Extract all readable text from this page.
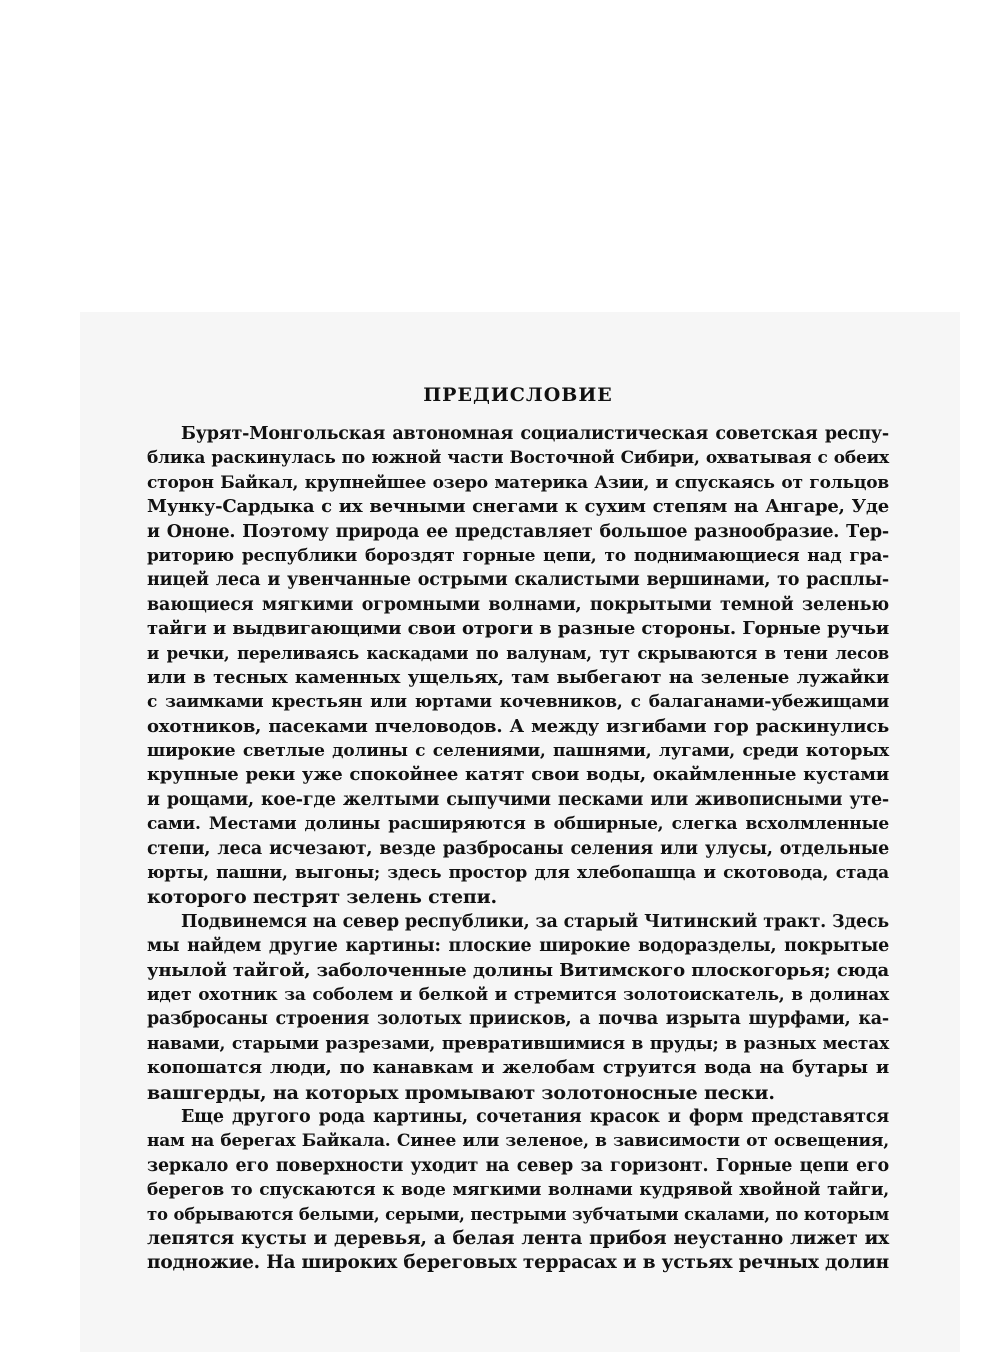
ПРЕДИСЛОВИЕ
Бурят-Монгольская автономная социалистическая советская респу-
блика раскинулась по южной части Восточной Сибири, охватывая с обеих
сторон Байкал, крупнейшее озеро материка Азии, и спускаясь от гольцов
Мунку-Сардыка с их вечными снегами к сухим степям на Ангаре, Уде
и Ононе. Поэтому природа ее представляет большое разнообразие. Тер-
риторию республики бороздят горные цепи, то поднимающиеся над гра-
ницей леса и увенчанные острыми скалистыми вершинами, то расплы-
вающиеся мягкими огромными волнами, покрытыми темной зеленью
тайги и выдвигающими свои отроги в разные стороны. Горные ручьи
и речки, переливаясь каскадами по валунам, тут скрываются в тени лесов
или в тесных каменных ущельях, там выбегают на зеленые лужайки
с заимками крестьян или юртами кочевников, с балаганами-убежищами
охотников, пасеками пчеловодов. А между изгибами гор раскинулись
широкие светлые долины с селениями, пашнями, лугами, среди которых
крупные реки уже спокойнее катят свои воды, окаймленные кустами
и рощами, кое-где желтыми сыпучими песками или живописными уте-
сами. Местами долины расширяются в обширные, слегка всхолмленные
степи, леса исчезают, везде разбросаны селения или улусы, отдельные
юрты, пашни, выгоны; здесь простор для хлебопашца и скотовода, стада
которого пестрят зелень степи.
Подвинемся на север республики, за старый Читинский тракт. Здесь
мы найдем другие картины: плоские широкие водоразделы, покрытые
унылой тайгой, заболоченные долины Витимского плоскогорья; сюда
идет охотник за соболем и белкой и стремится золотоискатель, в долинах
разбросаны строения золотых приисков, а почва изрыта шурфами, ка-
навами, старыми разрезами, превратившимися в пруды; в разных местах
копошатся люди, по канавкам и желобам струится вода на бутары и
вашгерды, на которых промывают золотоносные пески.
Еще другого рода картины, сочетания красок и форм представятся
нам на берегах Байкала. Синее или зеленое, в зависимости от освещения,
зеркало его поверхности уходит на север за горизонт. Горные цепи его
берегов то спускаются к воде мягкими волнами кудрявой хвойной тайги,
то обрываются белыми, серыми, пестрыми зубчатыми скалами, по которым
лепятся кусты и деревья, а белая лента прибоя неустанно лижет их
подножие. На широких береговых террасах и в устьях речных долин
